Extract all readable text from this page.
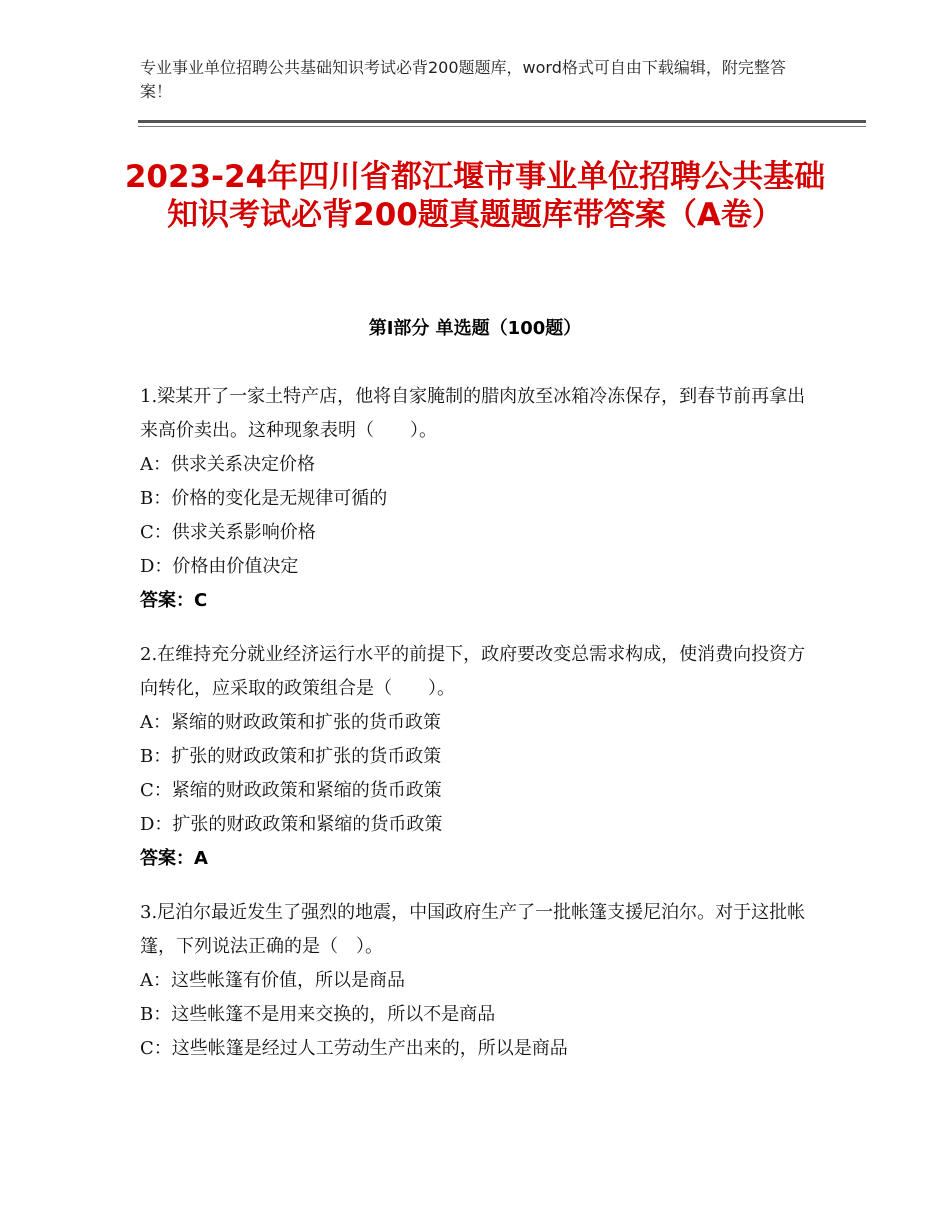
专业事业单位招聘公共基础知识考试必背200题题库，word格式可自由下载编辑，附完整答案！
2023-24年四川省都江堰市事业单位招聘公共基础知识考试必背200题真题题库带答案（A卷）
第Ⅰ部分 单选题（100题）

1.梁某开了一家土特产店，他将自家腌制的腊肉放至冰箱冷冻保存，到春节前再拿出来高价卖出。这种现象表明（　　）。

A：供求关系决定价格

B：价格的变化是无规律可循的

C：供求关系影响价格

D：价格由价值决定

答案：C

2.在维持充分就业经济运行水平的前提下，政府要改变总需求构成，使消费向投资方向转化，应采取的政策组合是（　　）。

A：紧缩的财政政策和扩张的货币政策

B：扩张的财政政策和扩张的货币政策

C：紧缩的财政政策和紧缩的货币政策

D：扩张的财政政策和紧缩的货币政策

答案：A

3.尼泊尔最近发生了强烈的地震，中国政府生产了一批帐篷支援尼泊尔。对于这批帐篷，下列说法正确的是（　）。

A：这些帐篷有价值，所以是商品

B：这些帐篷不是用来交换的，所以不是商品

C：这些帐篷是经过人工劳动生产出来的，所以是商品
